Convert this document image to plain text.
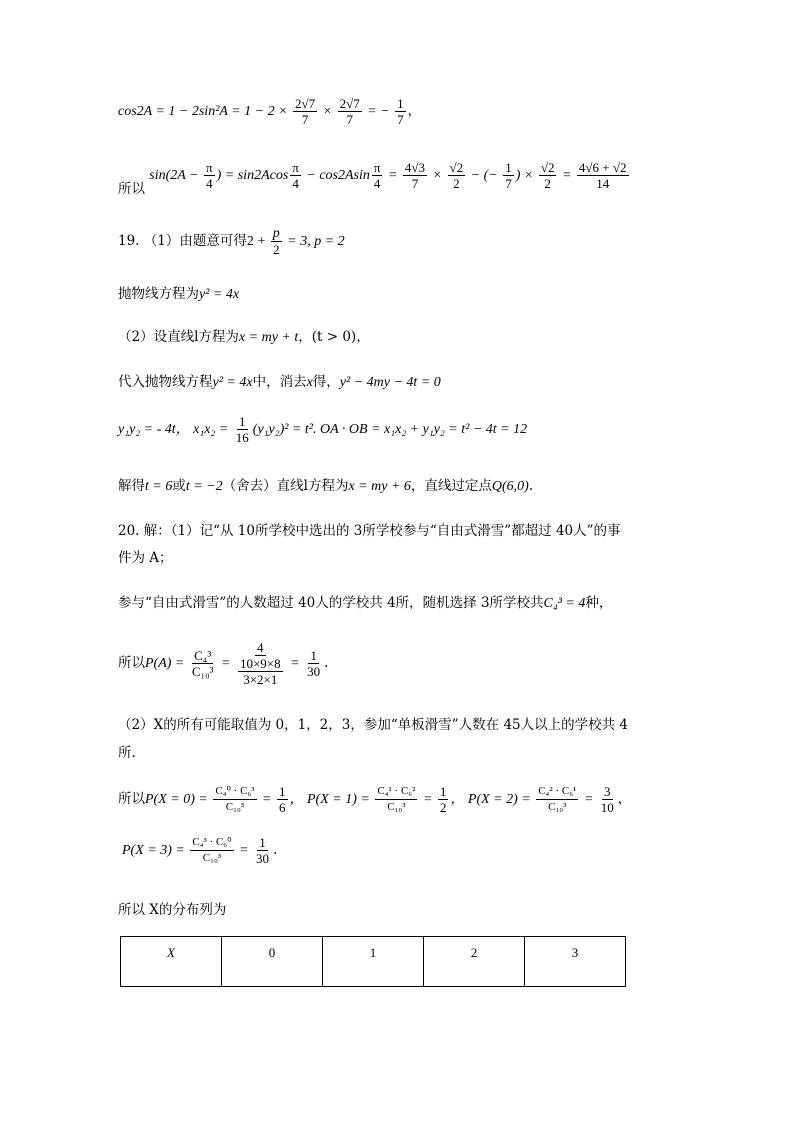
$\cos 2A = 1 - 2\sin^2A = 1 - 2 \times \frac{2√7}{7} \times \frac{2√7}{7}$ = − $\frac{1}{7}$ ，
所以 $\sin(2A - \frac{\pi}{4}$ ) = $\sin 2Acos \frac{\pi}{4} - \cos 2Asin \frac{\pi}{4} = \frac{4√3}{7} \times \frac{√2}{2}$ − (− $\frac{1}{7}$ ) × $\frac{√2}{2} = \frac{4√6 + √2}{14}$
19. （1）由题意可得$2 + \frac{p}{2} = 3$, p = 2
抛物线方程为y² = 4x
（2）设直线l方程为x = my + t，(t > 0)，
代入抛物线方程y² = 4x中，消去x得，y² − 4my − 4t = 0
y₁y₂ = - 4t， $x_1x_2 = \frac{1}{16} (y_1y_2)^2 = t^2$. OA · OB = x₁x₂ + y₁y₂ = t² − 4t = 12
解得t = 6或t = −2（舍去）直线l方程为x = my + 6，直线过定点Q(6,0).
20. 解：（1）记“从 10所学校中选出的 3所学校参与“自由式滑雪”都超过 40人”的事
件为 A；
参与“自由式滑雪”的人数超过 40人的学校共 4所，随机选择 3所学校共C₄³ = 4种，
所以$P(A) = \frac{\text{C₄³}}{\text{C₁₀³}} = 4$
10×9×8
$3\times 2\times 1 = \frac{1}{30}$ .
（2）X的所有可能取值为 0，1，2，3，参加“单板滑雪”人数在 45人以上的学校共 4
所.
所以$P(X = 0) = \frac{\text{C₄⁰ · C₆³}}{\text{C₁₀³}} = \frac{1}{6}$ ， $P(X = 1) = \frac{\text{C₄¹ · C₆²}}{\text{C₁₀³}} = \frac{1}{2}$ ， $P(X = 2) = \frac{\text{C₄² · C₆¹}}{\text{C₁₀³}} = \frac{3}{10}$ ，
$P(X = 3) = \frac{\text{C₄³ · C₆⁰}}{\text{C₁₀³}} = \frac{1}{30}$ .
所以 X的分布列为
X	0	1	2	3
